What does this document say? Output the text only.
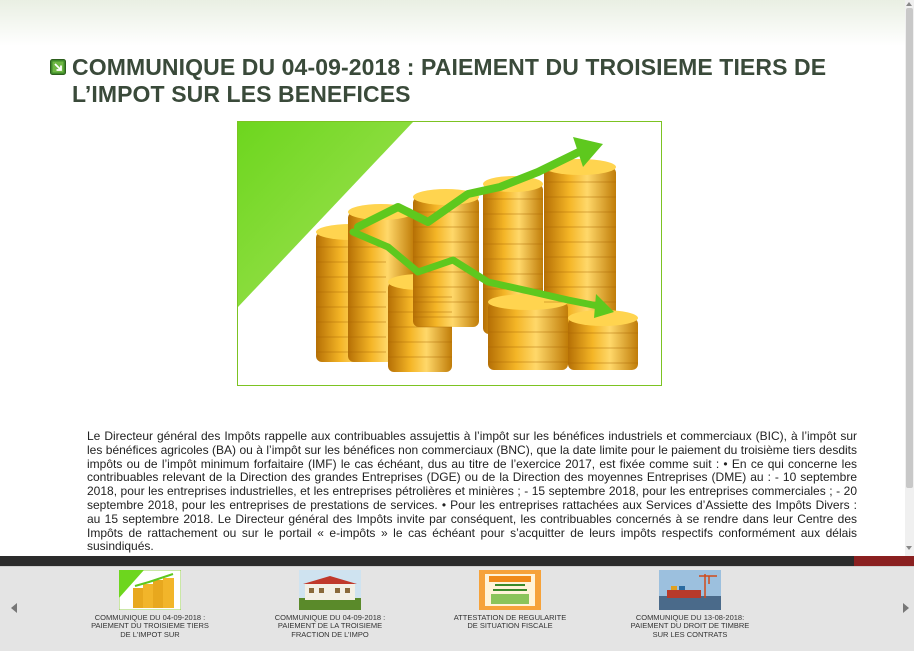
COMMUNIQUE DU 04-09-2018 : PAIEMENT DU TROISIEME TIERS DE L’IMPOT SUR LES BENEFICES

Le Directeur général des Impôts rappelle aux contribuables assujettis à l’impôt sur les bénéfices industriels et commerciaux (BIC), à l’impôt sur les bénéfices agricoles (BA) ou à l’impôt sur les bénéfices non commerciaux (BNC), que la date limite pour le paiement du troisième tiers desdits impôts ou de l’impôt minimum forfaitaire (IMF) le cas échéant, dus au titre de l’exercice 2017, est fixée comme suit : • En ce qui concerne les contribuables relevant de la Direction des grandes Entreprises (DGE) ou de la Direction des moyennes Entreprises (DME) au : - 10 septembre 2018, pour les entreprises industrielles, et les entreprises pétrolières et minières ; - 15 septembre 2018, pour les entreprises commerciales ; - 20 septembre 2018, pour les entreprises de prestations de services. • Pour les entreprises rattachées aux Services d’Assiette des Impôts Divers : au 15 septembre 2018. Le Directeur général des Impôts invite par conséquent, les contribuables concernés à se rendre dans leur Centre des Impôts de rattachement ou sur le portail « e-impôts » le cas échéant pour s’acquitter de leurs impôts respectifs conformément aux délais susindiqués.

COMMUNIQUE DU 04-09-2018 : PAIEMENT DU TROISIEME TIERS DE L’IMPOT SUR
COMMUNIQUE DU 04-09-2018 : PAIEMENT DE LA TROISIEME FRACTION DE L’IMPO
ATTESTATION DE REGULARITE DE SITUATION FISCALE
COMMUNIQUE DU 13-08-2018: PAIEMENT DU DROIT DE TIMBRE SUR LES CONTRATS
